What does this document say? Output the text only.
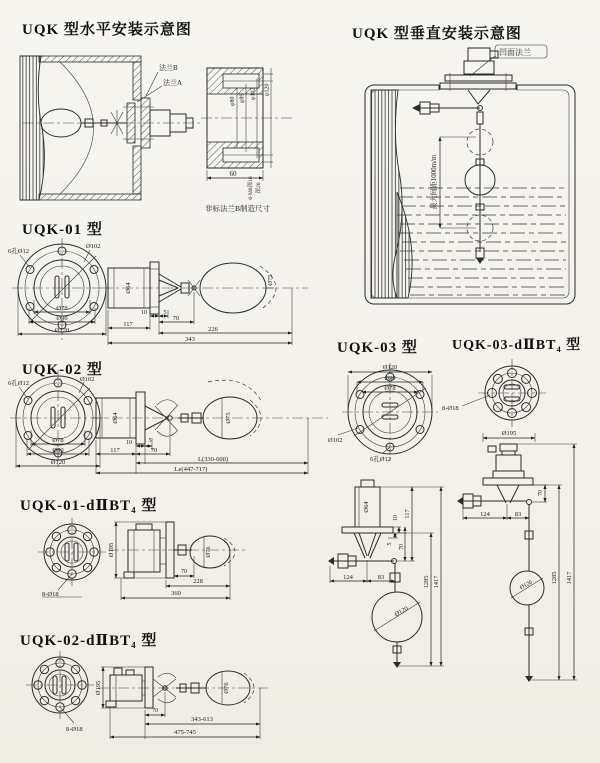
UQK 型水平安装示意图	UQK 型垂直安装示意图
UQK-01 型
UQK-02 型
UQK-03 型 UQK-03-dⅡBT₄ 型
UQK-01-dⅡBT₄ 型
UQK-02-dⅡBT₄ 型
法兰B
法兰A
φ80 φ89 φ102 φ120
60
6-M8深16 深20
非标法兰B制造尺寸
凹面法兰
最大间距1000m/m
6孔Ø12
Ø102
Ø78
Ø90
Ø120
Ø64
Ø75
10	5
117
70
226
343
6孔Ø12
Ø102
Ø78
Ø90
Ø120
Ø64	Ø75
10	5
117	70
L(330-600)
Le(447-717)
Ø120
Ø90
Ø78
Ø102
6孔Ø12
8-Ø18
Ø64
Ø120
117
10
5 70
124	83	1285 1417
Ø195
Ø126
70
124	83
1285 1417
8-Ø18
Ø195	Ø76
70
228
360
8-Ø18
Ø195	Ø76
70
343-613
475-745
